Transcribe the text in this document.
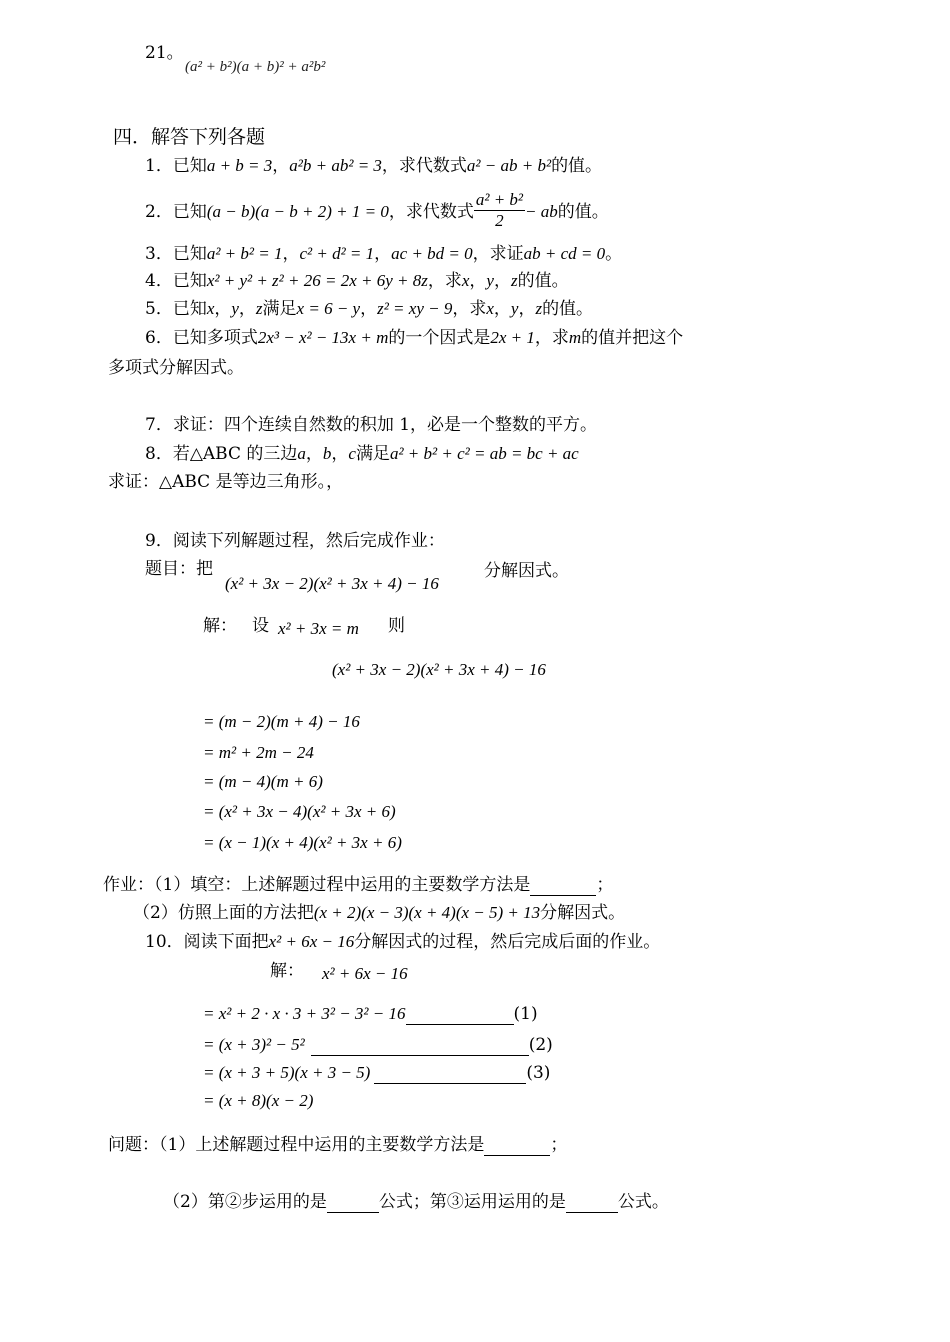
21。
(a² + b²)(a + b)² + a²b²
四．解答下列各题
1．已知a + b = 3，a²b + ab² = 3，求代数式a² − ab + b²的值。
2．已知(a − b)(a − b + 2) + 1 = 0，求代数式 $\frac{\text{a² + b²}}{2}$ − ab的值。
3．已知a² + b² = 1，c² + d² = 1，ac + bd = 0，求证ab + cd = 0。
4．已知x² + y² + z² + 26 = 2x + 6y + 8z，求x，y，z的值。
5．已知x，y，z满足x = 6 − y，z² = xy − 9，求x，y，z的值。
6．已知多项式2x³ − x² − 13x + m的一个因式是2x + 1，求m的值并把这个
多项式分解因式。
7．求证：四个连续自然数的积加 1，必是一个整数的平方。
8．若△ABC 的三边a，b，c满足a² + b² + c² = ab = bc + ac
求证：△ABC 是等边三角形。，
9．阅读下列解题过程，然后完成作业：
题目：把
(x² + 3x − 2)(x² + 3x + 4) − 16
分解因式。
解： 设 x² + 3x = m 则
(x² + 3x − 2)(x² + 3x + 4) − 16
= (m − 2)(m + 4) − 16
= m² + 2m − 24
= (m − 4)(m + 6)
= (x² + 3x − 4)(x² + 3x + 6)
= (x − 1)(x + 4)(x² + 3x + 6)
作业：（1）填空：上述解题过程中运用的主要数学方法是	；
（2）仿照上面的方法把(x + 2)(x − 3)(x + 4)(x − 5) + 13分解因式。
10．阅读下面把x² + 6x − 16分解因式的过程，然后完成后面的作业。
解： x² + 6x − 16
= x² + 2 · x · 3 + 3² − 3² − 16	(1)
= (x + 3)² − 5²	(2)
= (x + 3 + 5)(x + 3 − 5)	(3)
= (x + 8)(x − 2)
问题：（1）上述解题过程中运用的主要数学方法是	；
（2）第②步运用的是	公式；第③运用运用的是	公式。
